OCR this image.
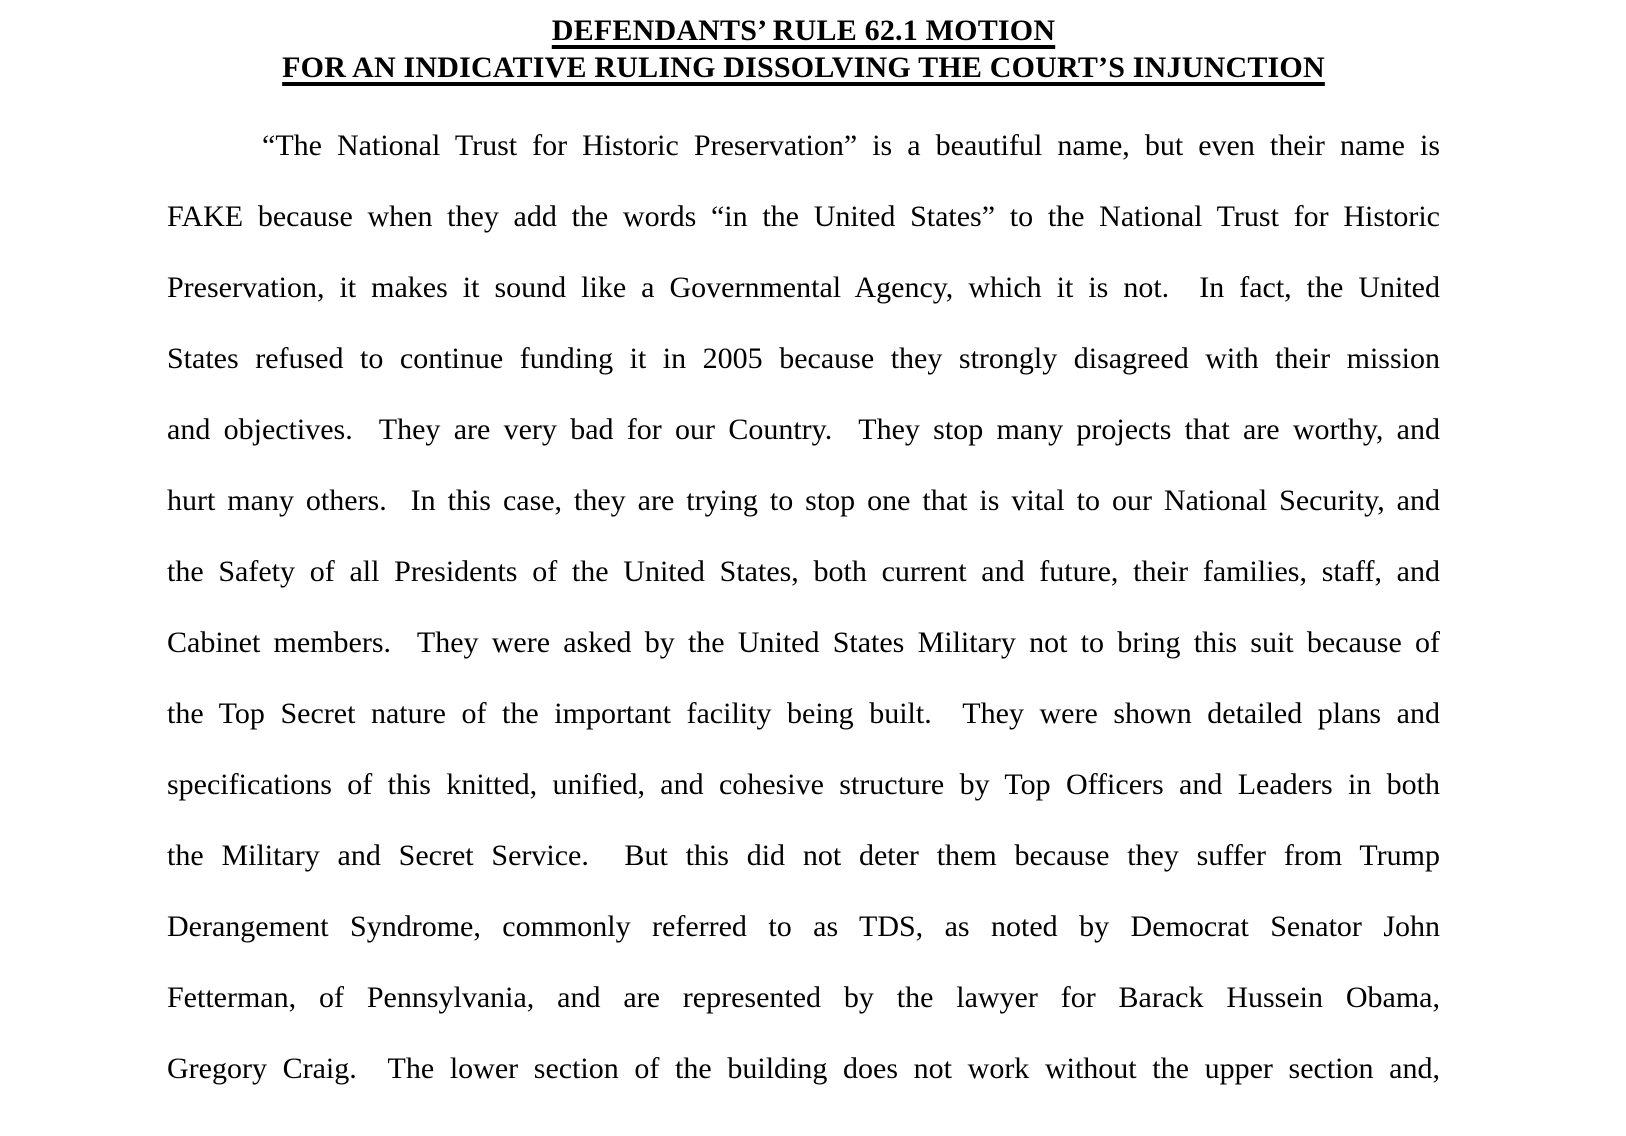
DEFENDANTS’ RULE 62.1 MOTION
FOR AN INDICATIVE RULING DISSOLVING THE COURT’S INJUNCTION
“The National Trust for Historic Preservation” is a beautiful name, but even their name is
FAKE because when they add the words “in the United States” to the National Trust for Historic
Preservation, it makes it sound like a Governmental Agency, which it is not.  In fact, the United
States refused to continue funding it in 2005 because they strongly disagreed with their mission
and objectives.  They are very bad for our Country.  They stop many projects that are worthy, and
hurt many others.  In this case, they are trying to stop one that is vital to our National Security, and
the Safety of all Presidents of the United States, both current and future, their families, staff, and
Cabinet members.  They were asked by the United States Military not to bring this suit because of
the Top Secret nature of the important facility being built.  They were shown detailed plans and
specifications of this knitted, unified, and cohesive structure by Top Officers and Leaders in both
the Military and Secret Service.  But this did not deter them because they suffer from Trump
Derangement Syndrome, commonly referred to as TDS, as noted by Democrat Senator John
Fetterman, of Pennsylvania, and are represented by the lawyer for Barack Hussein Obama,
Gregory Craig.  The lower section of the building does not work without the upper section and,
